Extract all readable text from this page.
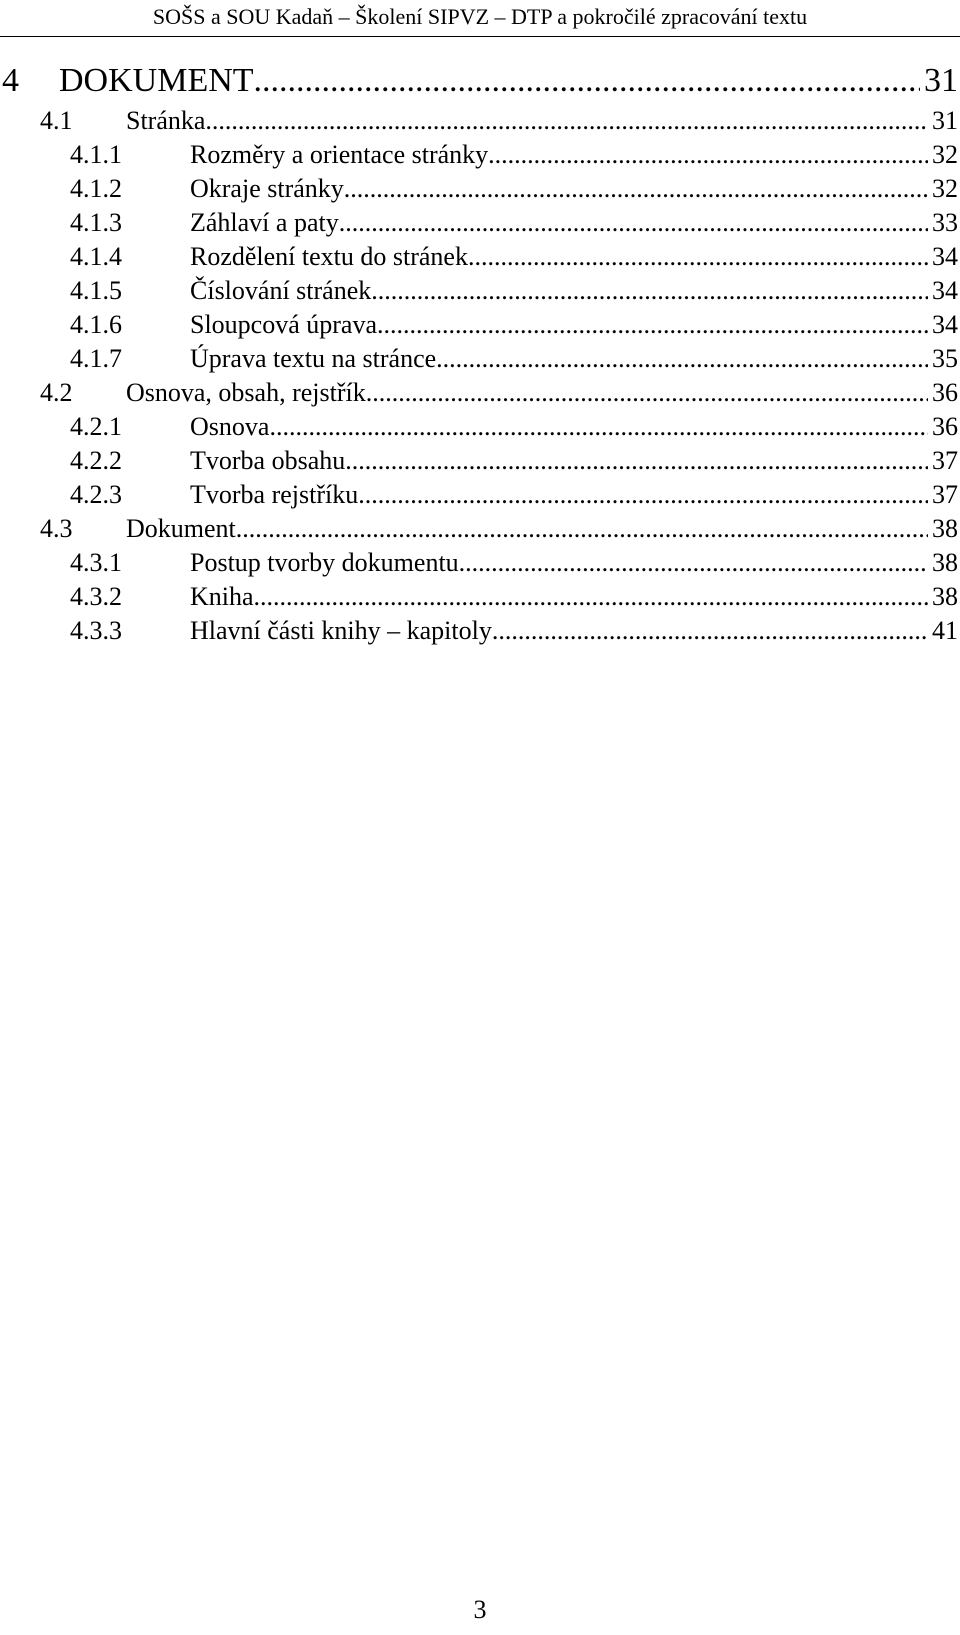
SOŠS a SOU Kadaň – Školení SIPVZ – DTP a pokročilé zpracování textu
4	DOKUMENT .....	31
4.1	Stránka .....	31
4.1.1	Rozměry a orientace stránky .....	32
4.1.2	Okraje stránky .....	32
4.1.3	Záhlaví a paty .....	33
4.1.4	Rozdělení textu do stránek .....	34
4.1.5	Číslování stránek .....	34
4.1.6	Sloupcová úprava .....	34
4.1.7	Úprava textu na stránce .....	35
4.2	Osnova, obsah, rejstřík .....	36
4.2.1	Osnova .....	36
4.2.2	Tvorba obsahu .....	37
4.2.3	Tvorba rejstříku .....	37
4.3	Dokument .....	38
4.3.1	Postup tvorby dokumentu .....	38
4.3.2	Kniha .....	38
4.3.3	Hlavní části knihy – kapitoly .....	41
3
